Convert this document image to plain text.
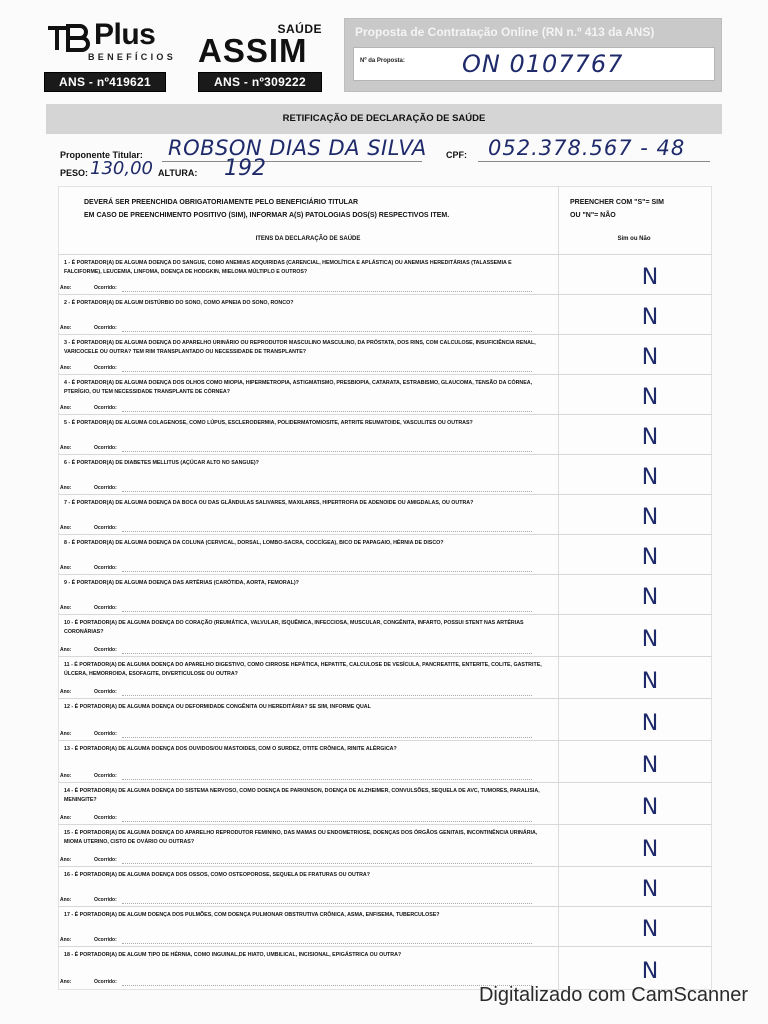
Plus
BENEFÍCIOS
ANS - nº419621
SAÚDE
ASSIM
ANS - nº309222
Proposta de Contratação Online (RN n.º 413 da ANS)
Nº da Proposta: ON 0107767
RETIFICAÇÃO DE DECLARAÇÃO DE SAÚDE
Proponente Titular: ROBSON DIAS DA SILVA CPF: 052.378.567 - 48
PESO: 130,00 ALTURA: 192
DEVERÁ SER PREENCHIDA OBRIGATORIAMENTE PELO BENEFICIÁRIO TITULAR
EM CASO DE PREENCHIMENTO POSITIVO (SIM), INFORMAR A(S) PATOLOGIAS DOS(S) RESPECTIVOS ITEM.
PREENCHER COM "S"= SIM
OU "N"= NÃO
ITENS DA DECLARAÇÃO DE SAÚDE	Sim ou Não
1 - É PORTADOR(A) DE ALGUMA DOENÇA DO SANGUE, COMO ANEMIAS ADQUIRIDAS (CARENCIAL, HEMOLÍTICA E APLÁSTICA) OU ANEMIAS HEREDITÁRIAS (TALASSEMIA E FALCIFORME), LEUCEMIA, LINFOMA, DOENÇA DE HODGKIN, MIELOMA MÚLTIPLO E OUTROS?
Ano:	Ocorrido:	N
2 - É PORTADOR(A) DE ALGUM DISTÚRBIO DO SONO, COMO APNEIA DO SONO, RONCO?
Ano:	Ocorrido:	N
3 - É PORTADOR(A) DE ALGUMA DOENÇA DO APARELHO URINÁRIO OU REPRODUTOR MASCULINO MASCULINO, DA PRÓSTATA, DOS RINS, COM CALCULOSE, INSUFICIÊNCIA RENAL, VARICOCELE OU OUTRA? TEM RIM TRANSPLANTADO OU NECESSIDADE DE TRANSPLANTE?
Ano:	Ocorrido:	N
4 - É PORTADOR(A) DE ALGUMA DOENÇA DOS OLHOS COMO MIOPIA, HIPERMETROPIA, ASTIGMATISMO, PRESBIOPIA, CATARATA, ESTRABISMO, GLAUCOMA, TENSÃO DA CÓRNEA, PTERÍGIO, OU TEM NECESSIDADE TRANSPLANTE DE CÓRNEA?
Ano:	Ocorrido:	N
5 - É PORTADOR(A) DE ALGUMA COLAGENOSE, COMO LÚPUS, ESCLERODERMIA, POLIDERMATOMIOSITE, ARTRITE REUMATOIDE, VASCULITES OU OUTRAS?
Ano:	Ocorrido:	N
6 - É PORTADOR(A) DE DIABETES MELLITUS (AÇÚCAR ALTO NO SANGUE)?
Ano:	Ocorrido:	N
7 - É PORTADOR(A) DE ALGUMA DOENÇA DA BOCA OU DAS GLÂNDULAS SALIVARES, MAXILARES, HIPERTROFIA DE ADENOIDE OU AMIGDALAS, OU OUTRA?
Ano:	Ocorrido:	N
8 - É PORTADOR(A) DE ALGUMA DOENÇA DA COLUNA (CERVICAL, DORSAL, LOMBO-SACRA, COCCÍGEA), BICO DE PAPAGAIO, HÉRNIA DE DISCO?
Ano:	Ocorrido:	N
9 - É PORTADOR(A) DE ALGUMA DOENÇA DAS ARTÉRIAS (CARÓTIDA, AORTA, FEMORAL)?
Ano:	Ocorrido:	N
10 - É PORTADOR(A) DE ALGUMA DOENÇA DO CORAÇÃO (REUMÁTICA, VALVULAR, ISQUÊMICA, INFECCIOSA, MUSCULAR, CONGÊNITA, INFARTO, POSSUI STENT NAS ARTÉRIAS CORONÁRIAS?
Ano:	Ocorrido:	N
11 - É PORTADOR(A) DE ALGUMA DOENÇA DO APARELHO DIGESTIVO, COMO CIRROSE HEPÁTICA, HEPATITE, CALCULOSE DE VESÍCULA, PANCREATITE, ENTERITE, COLITE, GASTRITE, ÚLCERA, HEMORROIDA, ESOFAGITE, DIVERTICULOSE OU OUTRA?
Ano:	Ocorrido:	N
12 - É PORTADOR(A) DE ALGUMA DOENÇA OU DEFORMIDADE CONGÊNITA OU HEREDITÁRIA? SE SIM, INFORME QUAL
Ano:	Ocorrido:	N
13 - É PORTADOR(A) DE ALGUMA DOENÇA DOS OUVIDOS/OU MASTOIDES, COM O SURDEZ, OTITE CRÔNICA, RINITE ALÉRGICA?
Ano:	Ocorrido:	N
14 - É PORTADOR(A) DE ALGUMA DOENÇA DO SISTEMA NERVOSO, COMO DOENÇA DE PARKINSON, DOENÇA DE ALZHEIMER, CONVULSÕES, SEQUELA DE AVC, TUMORES, PARALISIA, MENINGITE?
Ano:	Ocorrido:	N
15 - É PORTADOR(A) DE ALGUMA DOENÇA DO APARELHO REPRODUTOR FEMININO, DAS MAMAS OU ENDOMETRIOSE, DOENÇAS DOS ÓRGÃOS GENITAIS, INCONTINÊNCIA URINÁRIA, MIOMA UTERINO, CISTO DE OVÁRIO OU OUTRAS?
Ano:	Ocorrido:	N
16 - É PORTADOR(A) DE ALGUMA DOENÇA DOS OSSOS, COMO OSTEOPOROSE, SEQUELA DE FRATURAS OU OUTRA?
Ano:	Ocorrido:	N
17 - É PORTADOR(A) DE ALGUM DOENÇA DOS PULMÕES, COM DOENÇA PULMONAR OBSTRUTIVA CRÔNICA, ASMA, ENFISEMA, TUBERCULOSE?
Ano:	Ocorrido:	N
18 - É PORTADOR(A) DE ALGUM TIPO DE HÉRNIA, COMO INGUINAL,DE HIATO, UMBILICAL, INCISIONAL, EPIGÁSTRICA OU OUTRA?
Ano:	Ocorrido:	N
Digitalizado com CamScanner
